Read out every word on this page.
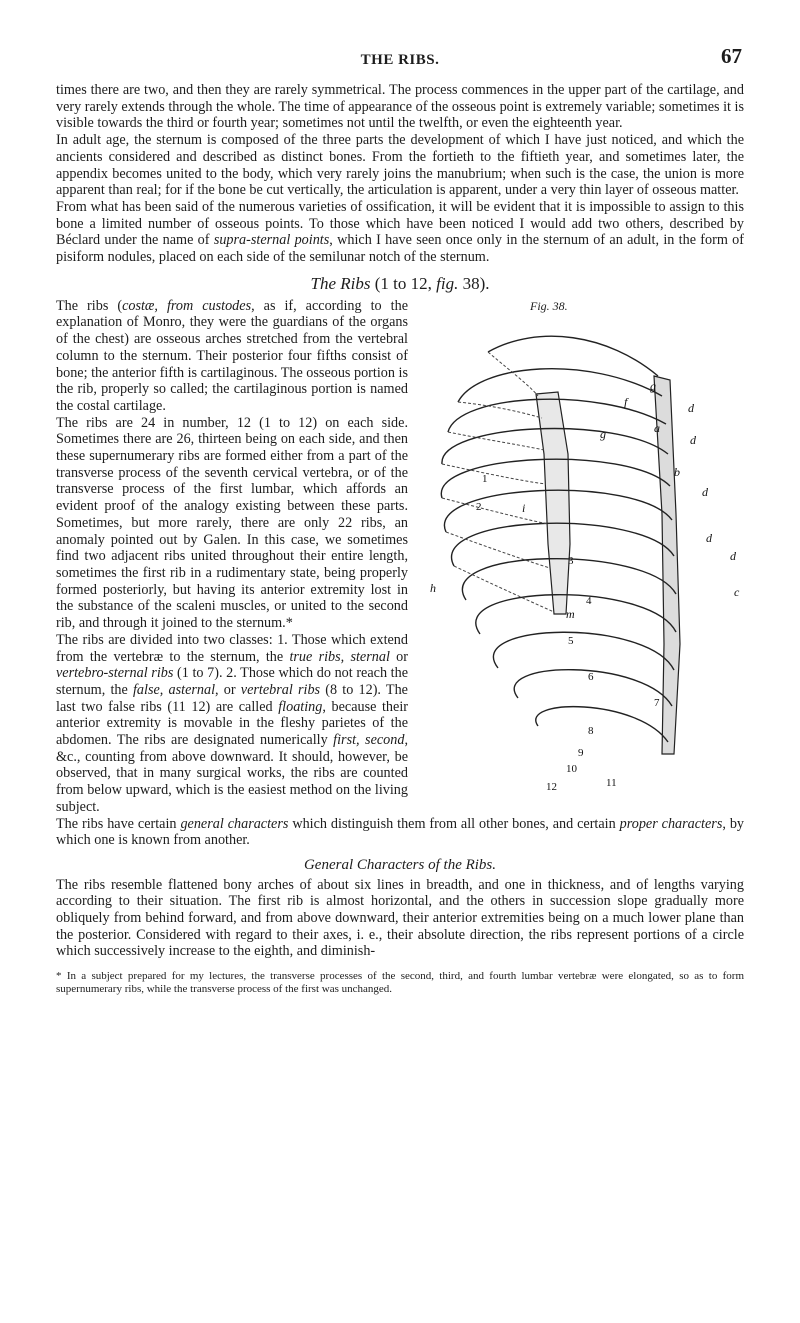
THE RIBS.	67

times there are two, and then they are rarely symmetrical. The process commences in the upper part of the cartilage, and very rarely extends through the whole. The time of appearance of the osseous point is extremely variable; sometimes it is visible towards the third or fourth year; sometimes not until the twelfth, or even the eighteenth year.

In adult age, the sternum is composed of the three parts the development of which I have just noticed, and which the ancients considered and described as distinct bones. From the fortieth to the fiftieth year, and sometimes later, the appendix becomes united to the body, which very rarely joins the manubrium; when such is the case, the union is more apparent than real; for if the bone be cut vertically, the articulation is apparent, under a very thin layer of osseous matter.

From what has been said of the numerous varieties of ossification, it will be evident that it is impossible to assign to this bone a limited number of osseous points. To those which have been noticed I would add two others, described by Béclard under the name of supra-sternal points, which I have seen once only in the sternum of an adult, in the form of pisiform nodules, placed on each side of the semilunar notch of the sternum.

The Ribs (1 to 12, fig. 38).

Fig. 38.
1
2
3
4
5
6
7
8
9
10
11
12
f
g
g	a
d
d
d
d
d
b
i
h
m
c

The ribs (costæ, from custodes, as if, according to the explanation of Monro, they were the guardians of the organs of the chest) are osseous arches stretched from the vertebral column to the sternum. Their posterior four fifths consist of bone; the anterior fifth is cartilaginous. The osseous portion is the rib, properly so called; the cartilaginous portion is named the costal cartilage.

The ribs are 24 in number, 12 (1 to 12) on each side. Sometimes there are 26, thirteen being on each side, and then these supernumerary ribs are formed either from a part of the transverse process of the seventh cervical vertebra, or of the transverse process of the first lumbar, which affords an evident proof of the analogy existing between these parts. Sometimes, but more rarely, there are only 22 ribs, an anomaly pointed out by Galen. In this case, we sometimes find two adjacent ribs united throughout their entire length, sometimes the first rib in a rudimentary state, being properly formed posteriorly, but having its anterior extremity lost in the substance of the scaleni muscles, or united to the second rib, and through it joined to the sternum.*

The ribs are divided into two classes: 1. Those which extend from the vertebræ to the sternum, the true ribs, sternal or vertebro-sternal ribs (1 to 7). 2. Those which do not reach the sternum, the false, asternal, or vertebral ribs (8 to 12). The last two false ribs (11 12) are called floating, because their anterior extremity is movable in the fleshy parietes of the abdomen. The ribs are designated numerically first, second, &c., counting from above downward. It should, however, be observed, that in many surgical works, the ribs are counted from below upward, which is the easiest method on the living subject.

The ribs have certain general characters which distinguish them from all other bones, and certain proper characters, by which one is known from another.

General Characters of the Ribs.

The ribs resemble flattened bony arches of about six lines in breadth, and one in thickness, and of lengths varying according to their situation. The first rib is almost horizontal, and the others in succession slope gradually more obliquely from behind forward, and from above downward, their anterior extremities being on a much lower plane than the posterior. Considered with regard to their axes, i. e., their absolute direction, the ribs represent portions of a circle which successively increase to the eighth, and diminish-

* In a subject prepared for my lectures, the transverse processes of the second, third, and fourth lumbar vertebræ were elongated, so as to form supernumerary ribs, while the transverse process of the first was unchanged.
